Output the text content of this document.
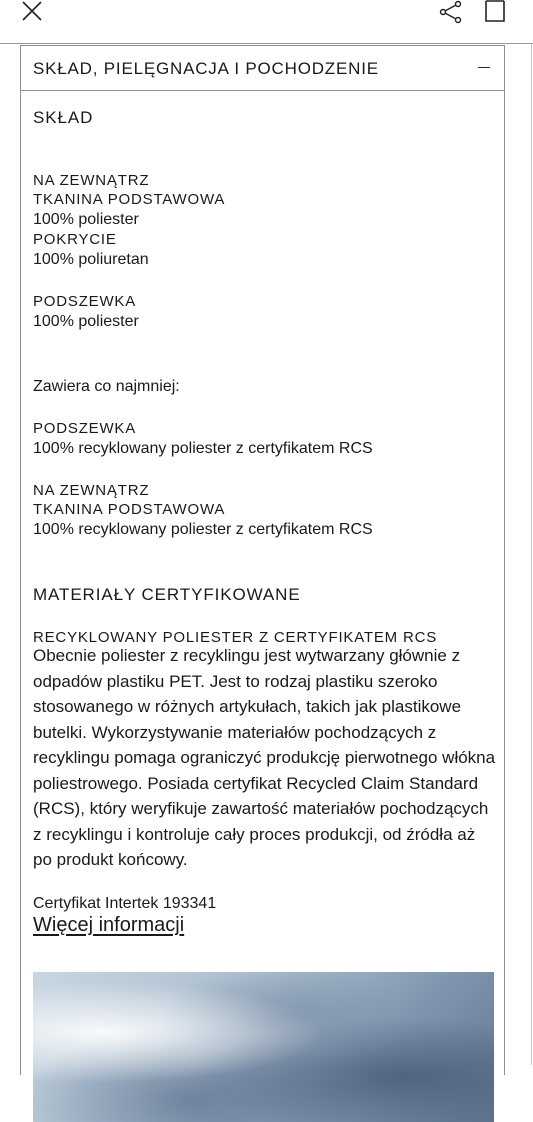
SKŁAD, PIELĘGNACJA I POCHODZENIE
SKŁAD
NA ZEWNĄTRZ
TKANINA PODSTAWOWA
100% poliester
POKRYCIE
100% poliuretan
PODSZEWKA
100% poliester
Zawiera co najmniej:
PODSZEWKA
100% recyklowany poliester z certyfikatem RCS
NA ZEWNĄTRZ
TKANINA PODSTAWOWA
100% recyklowany poliester z certyfikatem RCS
MATERIAŁY CERTYFIKOWANE
RECYKLOWANY POLIESTER Z CERTYFIKATEM RCS
Obecnie poliester z recyklingu jest wytwarzany głównie z odpadów plastiku PET. Jest to rodzaj plastiku szeroko stosowanego w różnych artykułach, takich jak plastikowe butelki. Wykorzystywanie materiałów pochodzących z recyklingu pomaga ograniczyć produkcję pierwotnego włókna poliestrowego. Posiada certyfikat Recycled Claim Standard (RCS), który weryfikuje zawartość materiałów pochodzących z recyklingu i kontroluje cały proces produkcji, od źródła aż po produkt końcowy.
Certyfikat Intertek 193341
Więcej informacji
